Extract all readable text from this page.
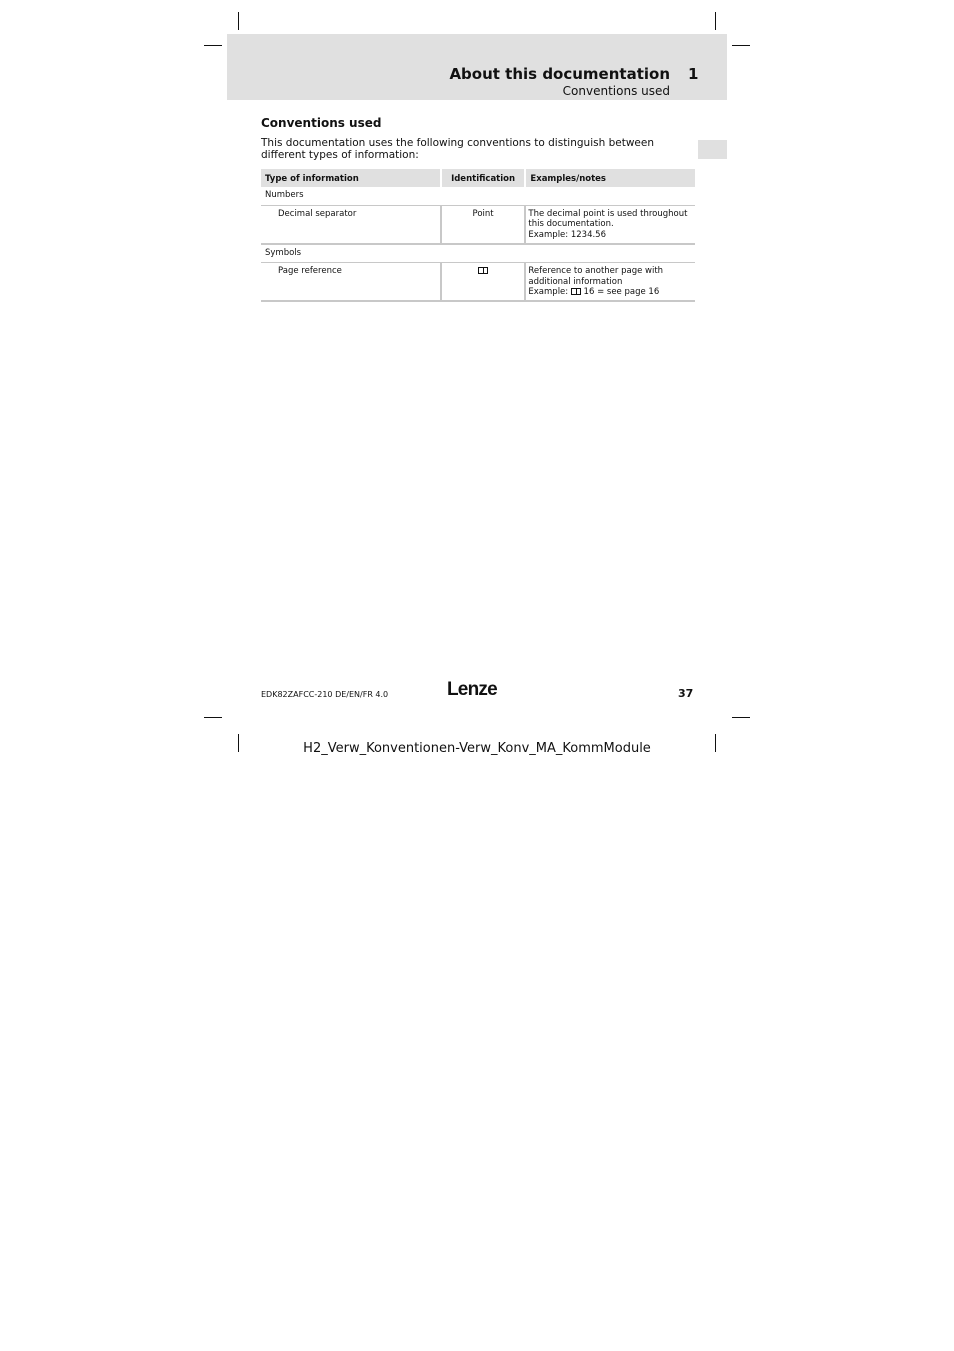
About this documentation 1
Conventions used
Conventions used
This documentation uses the following conventions to distinguish between different types of information:
Type of information	Identification	Examples/notes
Numbers		
Decimal separator	Point	The decimal point is used throughout this documentation.
Example: 1234.56

Symbols		
Page reference		Reference to another page with additional information
Example:  16 = see page 16
EDK82ZAFCC-210 DE/EN/FR 4.0	Lenze	37
H2_Verw_Konventionen-Verw_Konv_MA_KommModule
